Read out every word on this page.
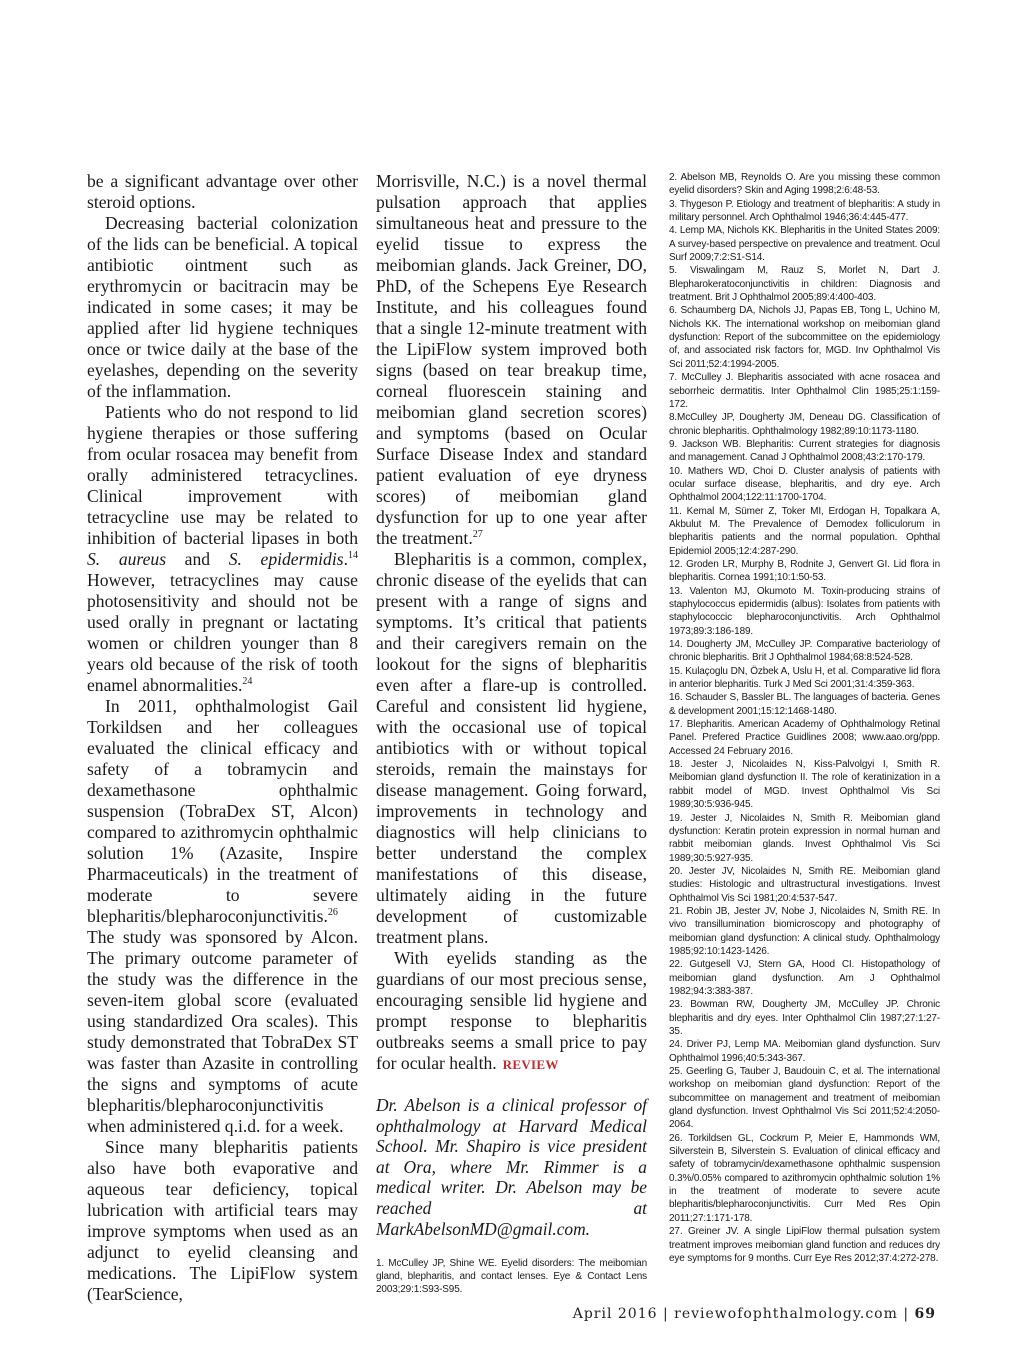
be a significant advantage over other steroid options.

Decreasing bacterial colonization of the lids can be beneficial. A topical antibiotic ointment such as erythromycin or bacitracin may be indicated in some cases; it may be applied after lid hygiene techniques once or twice daily at the base of the eyelashes, depending on the severity of the inflammation.

Patients who do not respond to lid hygiene therapies or those suffering from ocular rosacea may benefit from orally administered tetracyclines. Clinical improvement with tetracycline use may be related to inhibition of bacterial lipases in both S. aureus and S. epidermidis.$^{14}$ However, tetracyclines may cause photosensitivity and should not be used orally in pregnant or lactating women or children younger than 8 years old because of the risk of tooth enamel abnormalities.$^{24}$

In 2011, ophthalmologist Gail Torkildsen and her colleagues evaluated the clinical efficacy and safety of a tobramycin and dexamethasone ophthalmic suspension (TobraDex ST, Alcon) compared to azithromycin ophthalmic solution 1% (Azasite, Inspire Pharmaceuticals) in the treatment of moderate to severe blepharitis/blepharoconjunctivitis.$^{26}$ The study was sponsored by Alcon. The primary outcome parameter of the study was the difference in the seven-item global score (evaluated using standardized Ora scales). This study demonstrated that TobraDex ST was faster than Azasite in controlling the signs and symptoms of acute blepharitis/blepharoconjunctivitis when administered q.i.d. for a week.

Since many blepharitis patients also have both evaporative and aqueous tear deficiency, topical lubrication with artificial tears may improve symptoms when used as an adjunct to eyelid cleansing and medications. The LipiFlow system (TearScience,

Morrisville, N.C.) is a novel thermal pulsation approach that applies simultaneous heat and pressure to the eyelid tissue to express the meibomian glands. Jack Greiner, DO, PhD, of the Schepens Eye Research Institute, and his colleagues found that a single 12-minute treatment with the LipiFlow system improved both signs (based on tear breakup time, corneal fluorescein staining and meibomian gland secretion scores) and symptoms (based on Ocular Surface Disease Index and standard patient evaluation of eye dryness scores) of meibomian gland dysfunction for up to one year after the treatment.$^{27}$

Blepharitis is a common, complex, chronic disease of the eyelids that can present with a range of signs and symptoms. It’s critical that patients and their caregivers remain on the lookout for the signs of blepharitis even after a flare-up is controlled. Careful and consistent lid hygiene, with the occasional use of topical antibiotics with or without topical steroids, remain the mainstays for disease management. Going forward, improvements in technology and diagnostics will help clinicians to better understand the complex manifestations of this disease, ultimately aiding in the future development of customizable treatment plans.

With eyelids standing as the guardians of our most precious sense, encouraging sensible lid hygiene and prompt response to blepharitis outbreaks seems a small price to pay for ocular health. REVIEW

Dr. Abelson is a clinical professor of ophthalmology at Harvard Medical School. Mr. Shapiro is vice president at Ora, where Mr. Rimmer is a medical writer. Dr. Abelson may be reached at MarkAbelsonMD@gmail.com.

1. McCulley JP, Shine WE. Eyelid disorders: The meibomian gland, blepharitis, and contact lenses. Eye & Contact Lens 2003;29:1:S93-S95.

2. Abelson MB, Reynolds O. Are you missing these common eyelid disorders? Skin and Aging 1998;2:6:48-53.

3. Thygeson P. Etiology and treatment of blepharitis: A study in military personnel. Arch Ophthalmol 1946;36:4:445-477.

4. Lemp MA, Nichols KK. Blepharitis in the United States 2009: A survey-based perspective on prevalence and treatment. Ocul Surf 2009;7:2:S1-S14.

5. Viswalingam M, Rauz S, Morlet N, Dart J. Blepharokeratoconjunctivitis in children: Diagnosis and treatment. Brit J Ophthalmol 2005;89:4:400-403.

6. Schaumberg DA, Nichols JJ, Papas EB, Tong L, Uchino M, Nichols KK. The international workshop on meibomian gland dysfunction: Report of the subcommittee on the epidemiology of, and associated risk factors for, MGD. Inv Ophthalmol Vis Sci 2011;52:4:1994-2005.

7. McCulley J. Blepharitis associated with acne rosacea and seborrheic dermatitis. Inter Ophthalmol Clin 1985;25:1:159-172.

8.McCulley JP, Dougherty JM, Deneau DG. Classification of chronic blepharitis. Ophthalmology 1982;89:10:1173-1180.

9. Jackson WB. Blepharitis: Current strategies for diagnosis and management. Canad J Ophthalmol 2008;43:2:170-179.

10. Mathers WD, Choi D. Cluster analysis of patients with ocular surface disease, blepharitis, and dry eye. Arch Ophthalmol 2004;122:11:1700-1704.

11. Kemal M, Sümer Z, Toker MI, Erdogan H, Topalkara A, Akbulut M. The Prevalence of Demodex folliculorum in blepharitis patients and the normal population. Ophthal Epidemiol 2005;12:4:287-290.

12. Groden LR, Murphy B, Rodnite J, Genvert GI. Lid flora in blepharitis. Cornea 1991;10:1:50-53.

13. Valenton MJ, Okumoto M. Toxin-producing strains of staphylococcus epidermidis (albus): Isolates from patients with staphylococcic blepharoconjunctivitis. Arch Ophthalmol 1973;89:3:186-189.

14. Dougherty JM, McCulley JP. Comparative bacteriology of chronic blepharitis. Brit J Ophthalmol 1984;68:8:524-528.

15. Kulaçoglu DN, Özbek A, Uslu H, et al. Comparative lid flora in anterior blepharitis. Turk J Med Sci 2001;31:4:359-363.

16. Schauder S, Bassler BL. The languages of bacteria. Genes & development 2001;15:12:1468-1480.

17. Blepharitis. American Academy of Ophthalmology Retinal Panel. Prefered Practice Guidlines 2008; www.aao.org/ppp. Accessed 24 February 2016.

18. Jester J, Nicolaides N, Kiss-Palvolgyi I, Smith R. Meibomian gland dysfunction II. The role of keratinization in a rabbit model of MGD. Invest Ophthalmol Vis Sci 1989;30:5:936-945.

19. Jester J, Nicolaides N, Smith R. Meibomian gland dysfunction: Keratin protein expression in normal human and rabbit meibomian glands. Invest Ophthalmol Vis Sci 1989;30:5:927-935.

20. Jester JV, Nicolaides N, Smith RE. Meibomian gland studies: Histologic and ultrastructural investigations. Invest Ophthalmol Vis Sci 1981;20:4:537-547.

21. Robin JB, Jester JV, Nobe J, Nicolaides N, Smith RE. In vivo transillumination biomicroscopy and photography of meibomian gland dysfunction: A clinical study. Ophthalmology 1985;92:10:1423-1426.

22. Gutgesell VJ, Stern GA, Hood CI. Histopathology of meibomian gland dysfunction. Am J Ophthalmol 1982;94:3:383-387.

23. Bowman RW, Dougherty JM, McCulley JP. Chronic blepharitis and dry eyes. Inter Ophthalmol Clin 1987;27:1:27-35.

24. Driver PJ, Lemp MA. Meibomian gland dysfunction. Surv Ophthalmol 1996;40:5:343-367.

25. Geerling G, Tauber J, Baudouin C, et al. The international workshop on meibomian gland dysfunction: Report of the subcommittee on management and treatment of meibomian gland dysfunction. Invest Ophthalmol Vis Sci 2011;52:4:2050-2064.

26. Torkildsen GL, Cockrum P, Meier E, Hammonds WM, Silverstein B, Silverstein S. Evaluation of clinical efficacy and safety of tobramycin/dexamethasone ophthalmic suspension 0.3%/0.05% compared to azithromycin ophthalmic solution 1% in the treatment of moderate to severe acute blepharitis/blepharoconjunctivitis. Curr Med Res Opin 2011;27:1:171-178.

27. Greiner JV. A single LipiFlow thermal pulsation system treatment improves meibomian gland function and reduces dry eye symptoms for 9 months. Curr Eye Res 2012;37:4:272-278.

April 2016 | reviewofophthalmology.com | 69
